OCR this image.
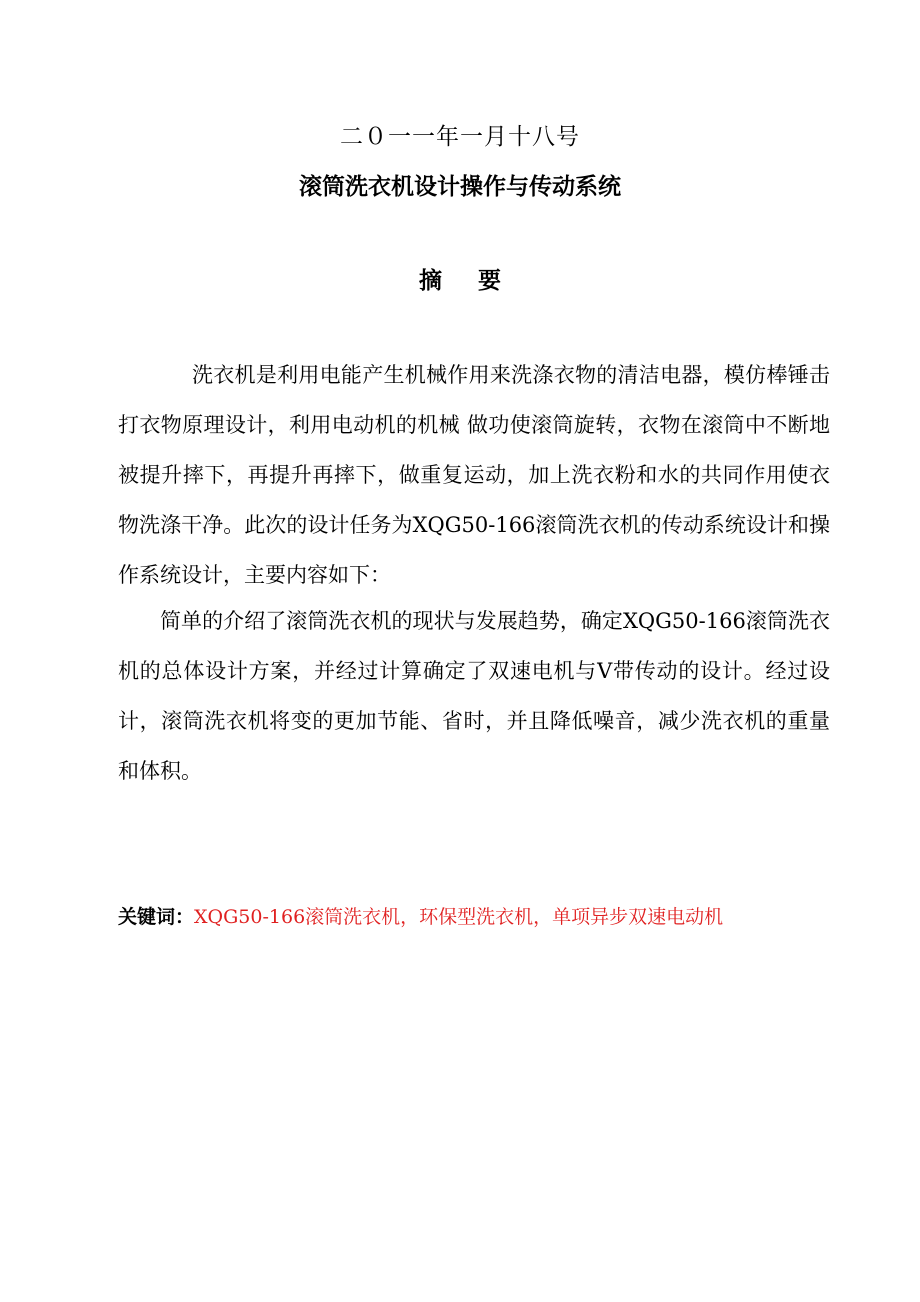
二０一一年一月十八号
滚筒洗衣机设计操作与传动系统
摘 要
洗衣机是利用电能产生机械作用来洗涤衣物的清洁电器，模仿棒锤击打衣物原理设计，利用电动机的机械 做功使滚筒旋转，衣物在滚筒中不断地被提升摔下，再提升再摔下，做重复运动，加上洗衣粉和水的共同作用使衣物洗涤干净。此次的设计任务为XQG50-166滚筒洗衣机的传动系统设计和操作系统设计，主要内容如下：
简单的介绍了滚筒洗衣机的现状与发展趋势，确定XQG50-166滚筒洗衣机的总体设计方案，并经过计算确定了双速电机与V带传动的设计。经过设计，滚筒洗衣机将变的更加节能、省时，并且降低噪音，减少洗衣机的重量和体积。
关键词：XQG50-166滚筒洗衣机，环保型洗衣机，单项异步双速电动机
